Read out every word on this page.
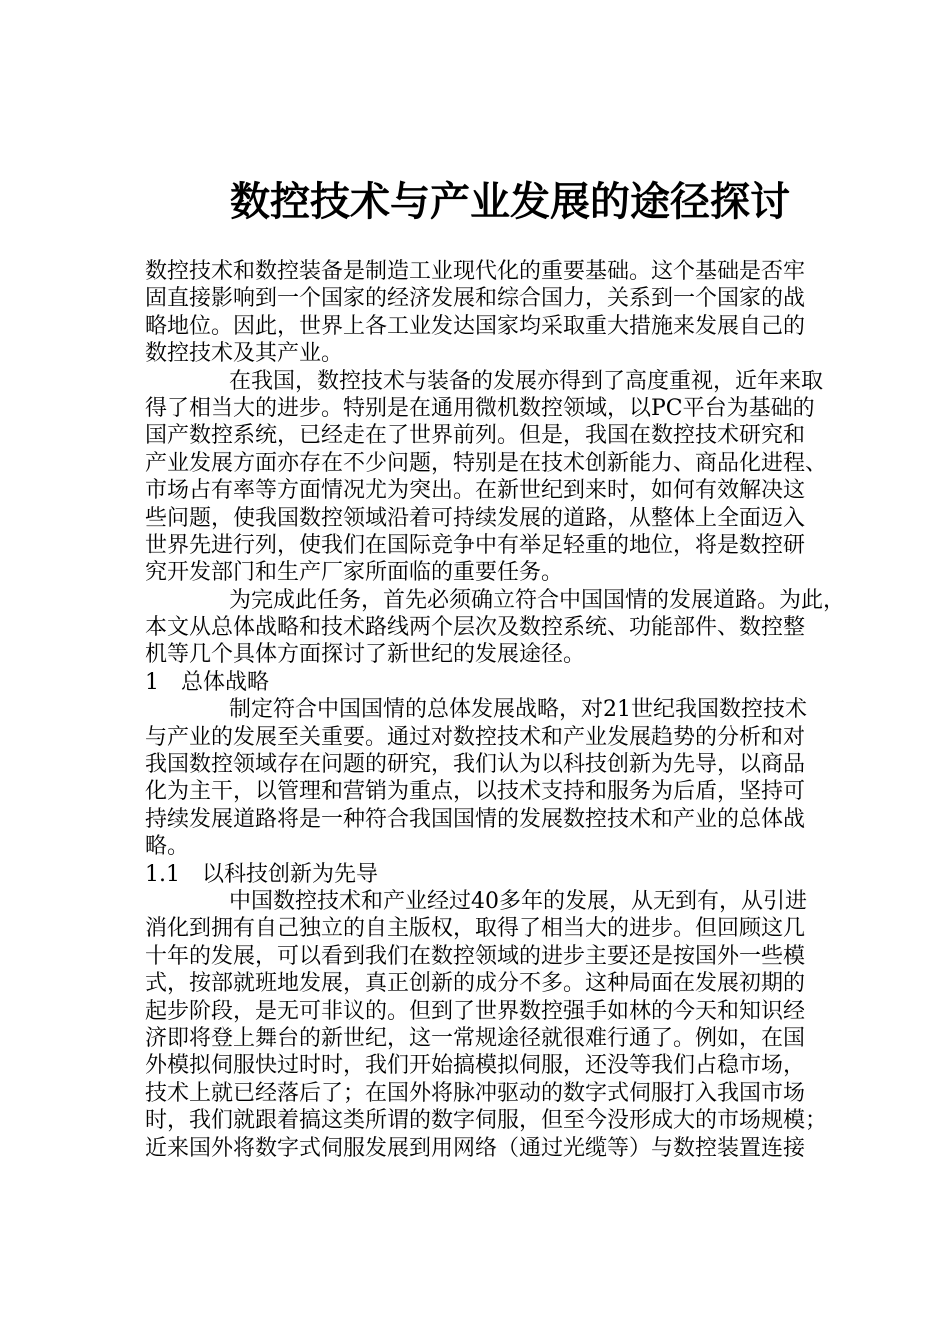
数控技术与产业发展的途径探讨
数控技术和数控装备是制造工业现代化的重要基础。这个基础是否牢
固直接影响到一个国家的经济发展和综合国力，关系到一个国家的战
略地位。因此，世界上各工业发达国家均采取重大措施来发展自己的
数控技术及其产业。
在我国，数控技术与装备的发展亦得到了高度重视，近年来取
得了相当大的进步。特别是在通用微机数控领域，以PC平台为基础的
国产数控系统，已经走在了世界前列。但是，我国在数控技术研究和
产业发展方面亦存在不少问题，特别是在技术创新能力、商品化进程、
市场占有率等方面情况尤为突出。在新世纪到来时，如何有效解决这
些问题，使我国数控领域沿着可持续发展的道路，从整体上全面迈入
世界先进行列，使我们在国际竞争中有举足轻重的地位，将是数控研
究开发部门和生产厂家所面临的重要任务。
为完成此任务，首先必须确立符合中国国情的发展道路。为此，
本文从总体战略和技术路线两个层次及数控系统、功能部件、数控整
机等几个具体方面探讨了新世纪的发展途径。
1　总体战略
制定符合中国国情的总体发展战略，对21世纪我国数控技术
与产业的发展至关重要。通过对数控技术和产业发展趋势的分析和对
我国数控领域存在问题的研究，我们认为以科技创新为先导，以商品
化为主干，以管理和营销为重点，以技术支持和服务为后盾，坚持可
持续发展道路将是一种符合我国国情的发展数控技术和产业的总体战
略。
1.1　以科技创新为先导
中国数控技术和产业经过40多年的发展，从无到有，从引进
消化到拥有自己独立的自主版权，取得了相当大的进步。但回顾这几
十年的发展，可以看到我们在数控领域的进步主要还是按国外一些模
式，按部就班地发展，真正创新的成分不多。这种局面在发展初期的
起步阶段，是无可非议的。但到了世界数控强手如林的今天和知识经
济即将登上舞台的新世纪，这一常规途径就很难行通了。例如，在国
外模拟伺服快过时时，我们开始搞模拟伺服，还没等我们占稳市场，
技术上就已经落后了；在国外将脉冲驱动的数字式伺服打入我国市场
时，我们就跟着搞这类所谓的数字伺服，但至今没形成大的市场规模；
近来国外将数字式伺服发展到用网络（通过光缆等）与数控装置连接
